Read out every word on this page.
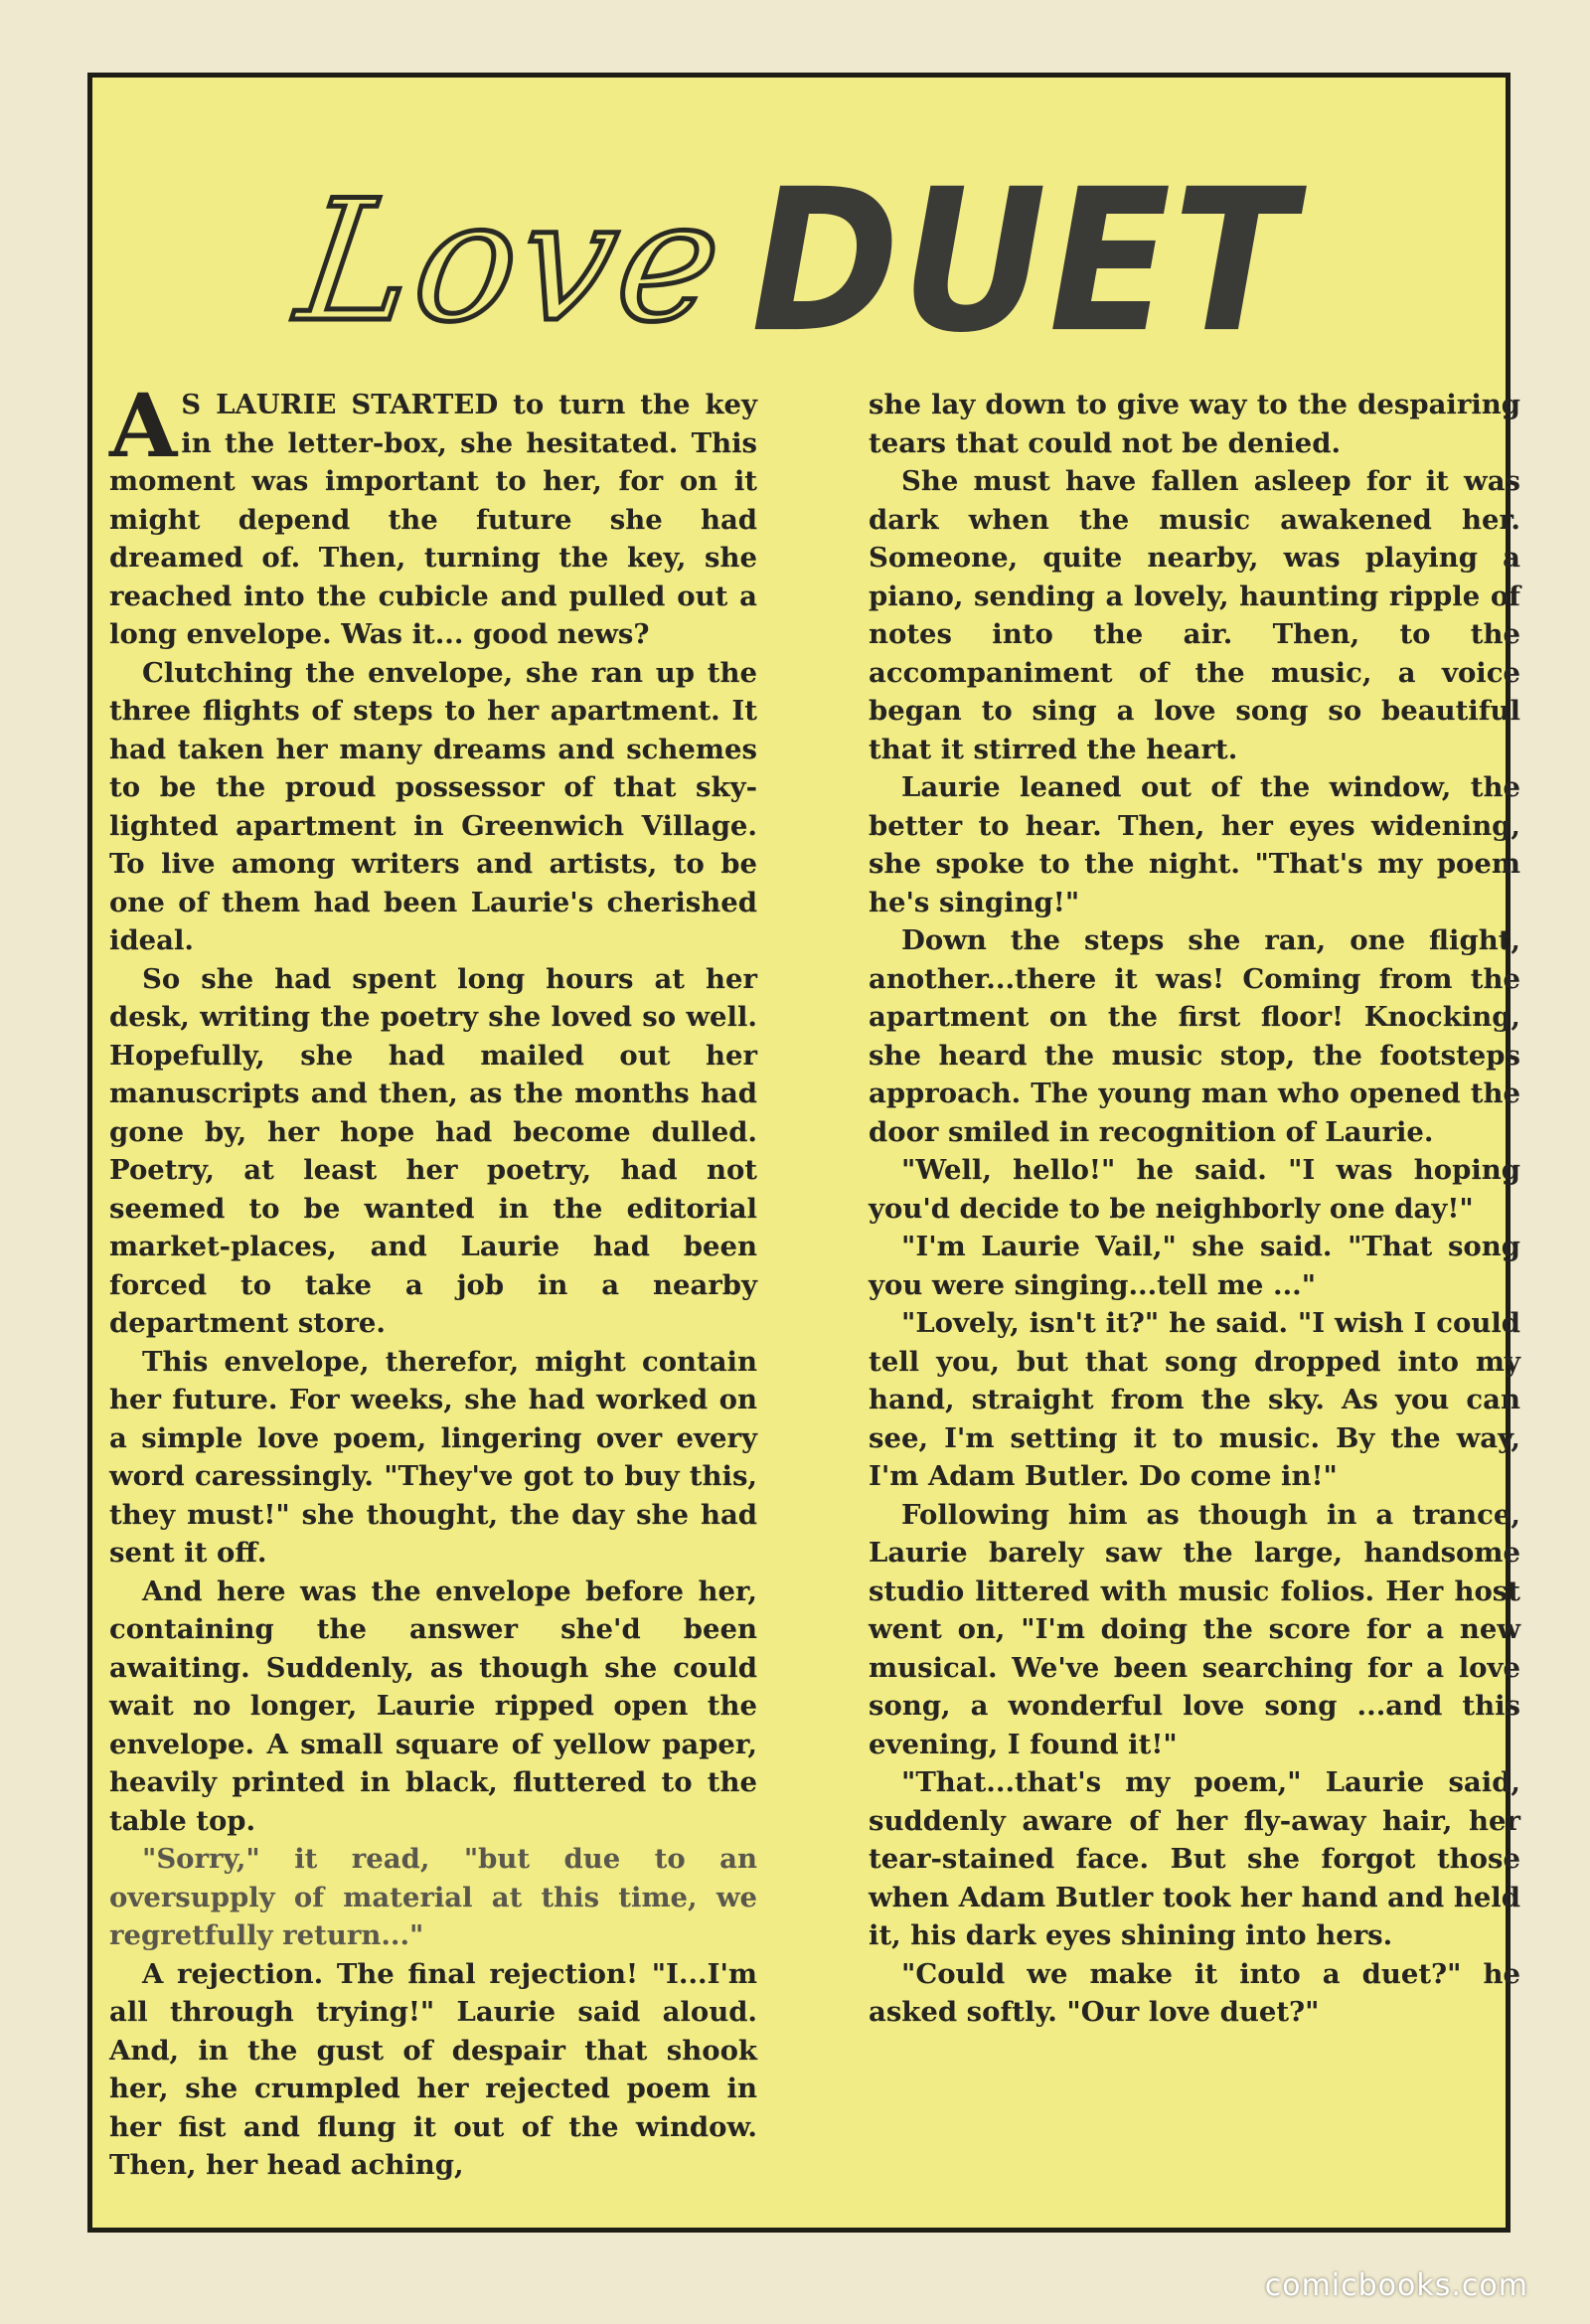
Love
DUET

A S LAURIE STARTED to turn the key in the letter-box, she hesitated. This moment was important to her, for on it might depend the future she had dreamed of. Then, turning the key, she reached into the cubicle and pulled out a long envelope. Was it... good news?

Clutching the envelope, she ran up the three flights of steps to her apartment. It had taken her many dreams and schemes to be the proud possessor of that sky-lighted apartment in Greenwich Village. To live among writers and artists, to be one of them had been Laurie's cherished ideal.

So she had spent long hours at her desk, writing the poetry she loved so well. Hopefully, she had mailed out her manuscripts and then, as the months had gone by, her hope had become dulled. Poetry, at least her poetry, had not seemed to be wanted in the editorial market-places, and Laurie had been forced to take a job in a nearby department store.

This envelope, therefor, might contain her future. For weeks, she had worked on a simple love poem, lingering over every word caressingly. "They've got to buy this, they must!" she thought, the day she had sent it off.

And here was the envelope before her, containing the answer she'd been awaiting. Suddenly, as though she could wait no longer, Laurie ripped open the envelope. A small square of yellow paper, heavily printed in black, fluttered to the table top.

"Sorry," it read, "but due to an oversupply of material at this time, we regretfully return..."

A rejection. The final rejection! "I...I'm all through trying!" Laurie said aloud. And, in the gust of despair that shook her, she crumpled her rejected poem in her fist and flung it out of the window. Then, her head aching,

she lay down to give way to the despairing tears that could not be denied.

She must have fallen asleep for it was dark when the music awakened her. Someone, quite nearby, was playing a piano, sending a lovely, haunting ripple of notes into the air. Then, to the accompaniment of the music, a voice began to sing a love song so beautiful that it stirred the heart.

Laurie leaned out of the window, the better to hear. Then, her eyes widening, she spoke to the night. "That's my poem he's singing!"

Down the steps she ran, one flight, another...there it was! Coming from the apartment on the first floor! Knocking, she heard the music stop, the footsteps approach. The young man who opened the door smiled in recognition of Laurie.

"Well, hello!" he said. "I was hoping you'd decide to be neighborly one day!"

"I'm Laurie Vail," she said. "That song you were singing...tell me ..."

"Lovely, isn't it?" he said. "I wish I could tell you, but that song dropped into my hand, straight from the sky. As you can see, I'm setting it to music. By the way, I'm Adam Butler. Do come in!"

Following him as though in a trance, Laurie barely saw the large, handsome studio littered with music folios. Her host went on, "I'm doing the score for a new musical. We've been searching for a love song, a wonderful love song ...and this evening, I found it!"

"That...that's my poem," Laurie said, suddenly aware of her fly-away hair, her tear-stained face. But she forgot those when Adam Butler took her hand and held it, his dark eyes shining into hers.

"Could we make it into a duet?" he asked softly. "Our love duet?"

comicbooks.com
